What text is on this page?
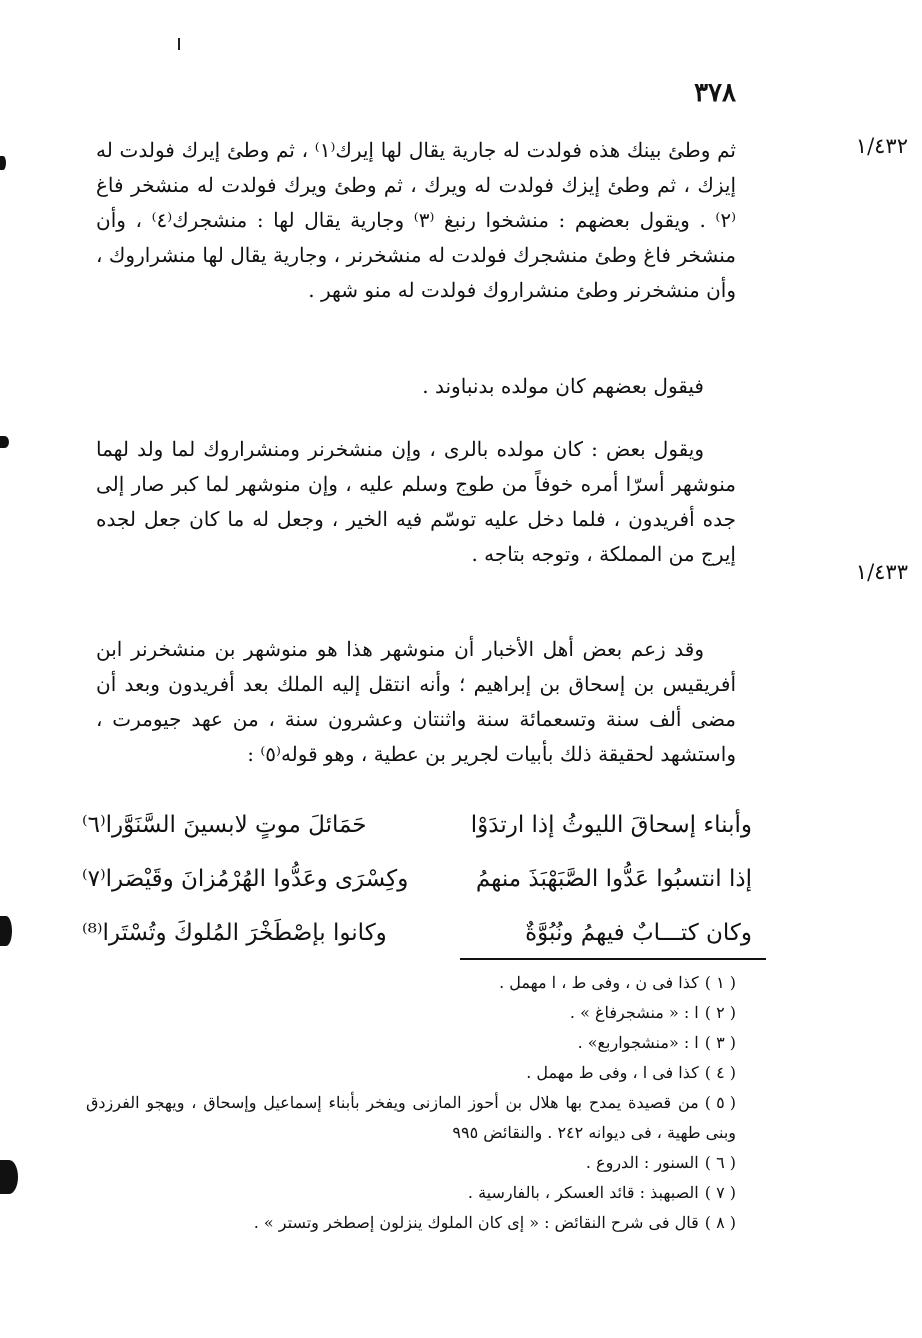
٣٧٨
١/٤٣٢
١/٤٣٣

ثم وطئ بينك هذه فولدت له جارية يقال لها إيرك⁽١⁾ ، ثم وطئ إيرك فولدت له إيزك ، ثم وطئ إيزك فولدت له ويرك ، ثم وطئ ويرك فولدت له منشخر فاغ ⁽٢⁾ . ويقول بعضهم : منشخوا رنبغ ⁽٣⁾ وجارية يقال لها : منشجرك⁽٤⁾ ، وأن منشخر فاغ وطئ منشجرك فولدت له منشخرنر ، وجارية يقال لها منشراروك ، وأن منشخرنر وطئ منشراروك فولدت له منو شهر .

فيقول بعضهم كان مولده بدنباوند .

ويقول بعض : كان مولده بالرى ، وإن منشخرنر ومنشراروك لما ولد لهما منوشهر أسرّا أمره خوفاً من طوج وسلم عليه ، وإن منوشهر لما كبر صار إلى جده أفريدون ، فلما دخل عليه توسّم فيه الخير ، وجعل له ما كان جعل لجده إيرج من المملكة ، وتوجه بتاجه .

وقد زعم بعض أهل الأخبار أن منوشهر هذا هو منوشهر بن منشخرنر ابن أفريقيس بن إسحاق بن إبراهيم ؛ وأنه انتقل إليه الملك بعد أفريدون وبعد أن مضى ألف سنة وتسعمائة سنة واثنتان وعشرون سنة ، من عهد جيومرت ، واستشهد لحقيقة ذلك بأبيات لجرير بن عطية ، وهو قوله⁽٥⁾ :

وأبناء إسحاقَ الليوثُ إذا ارتدَوْا
حَمَائلَ موتٍ لابسينَ السَّنَوَّرا⁽٦⁾
إذا انتسبُوا عَدُّوا الصَّبَهْبَذَ منهمُ
وكِسْرَى وعَدُّوا الهُرْمُزانَ وقَيْصَرا⁽٧⁾
وكان كتـــابٌ فيهمُ ونُبُوَّةٌ
وكانوا بإصْطَخْرَ المُلوكَ وتُسْتَرا⁽⁸⁾

( ١ )كذا فى ن ، وفى ط ، ا مهمل .

( ٢ )ا : « منشجرفاغ » .

( ٣ )ا : «منشجواربع» .

( ٤ )كذا فى ا ، وفى ط مهمل .

( ٥ )من قصيدة يمدح بها هلال بن أحوز المازنى ويفخر بأبناء إسماعيل وإسحاق ، ويهجو الفرزدق وبنى طهية ، فى ديوانه ٢٤٢ . والنقائض ٩٩٥

( ٦ )السنور : الدروع .

( ٧ )الصبهبذ : قائد العسكر ، بالفارسية .

( ٨ )قال فى شرح النقائض : « إى كان الملوك ينزلون إصطخر وتستر » .
